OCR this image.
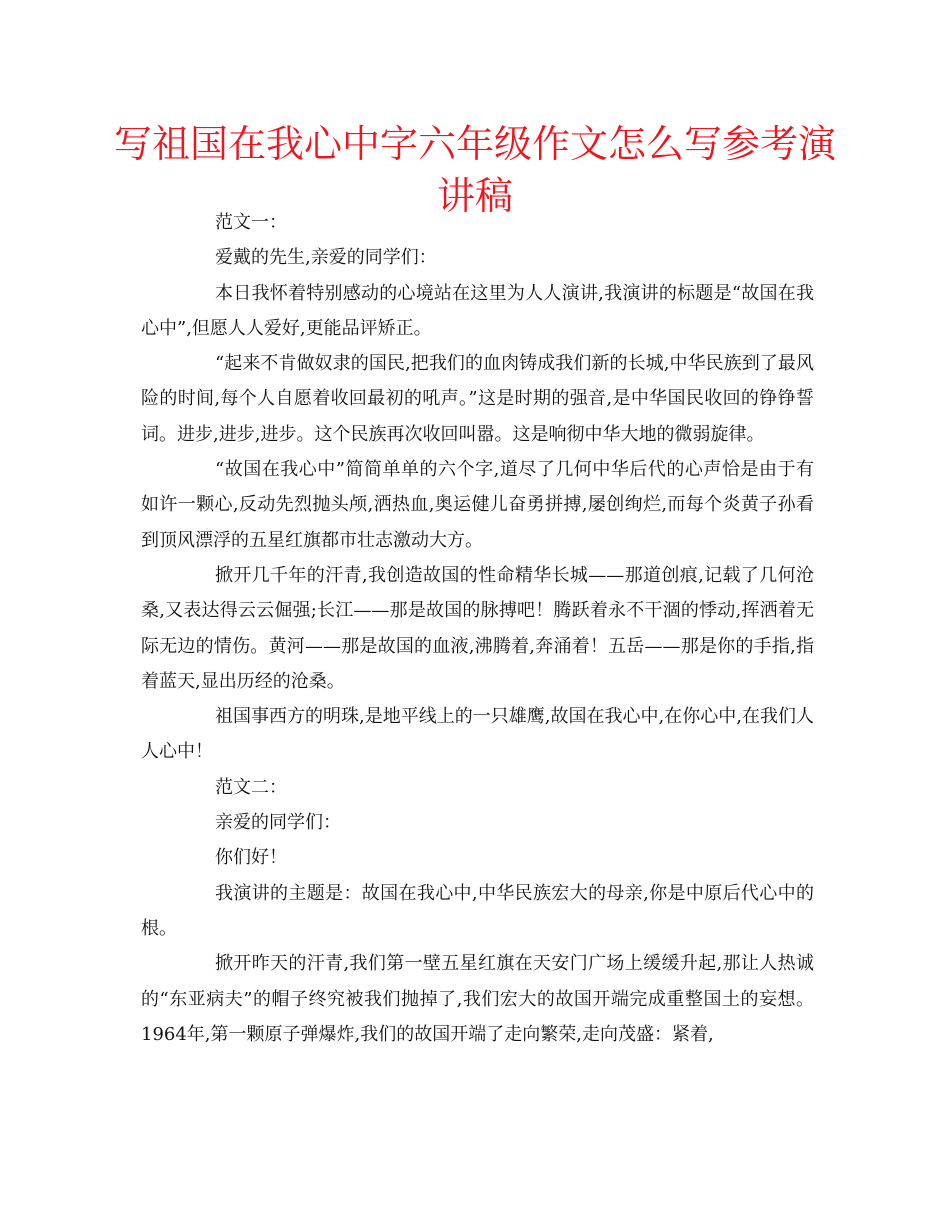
写祖国在我心中字六年级作文怎么写参考演讲稿

范文一：

爱戴的先生,亲爱的同学们：

本日我怀着特别感动的心境站在这里为人人演讲,我演讲的标题是“故国在我心中”,但愿人人爱好,更能品评矫正。

“起来不肯做奴隶的国民,把我们的血肉铸成我们新的长城,中华民族到了最风险的时间,每个人自愿着收回最初的吼声。”这是时期的强音,是中华国民收回的铮铮誓词。进步,进步,进步。这个民族再次收回叫嚣。这是响彻中华大地的微弱旋律。

“故国在我心中”简简单单的六个字,道尽了几何中华后代的心声恰是由于有如许一颗心,反动先烈抛头颅,洒热血,奥运健儿奋勇拼搏,屡创绚烂,而每个炎黄子孙看到顶风漂浮的五星红旗都市壮志激动大方。

掀开几千年的汗青,我创造故国的性命精华长城——那道创痕,记载了几何沧桑,又表达得云云倔强;长江——那是故国的脉搏吧！腾跃着永不干涸的悸动,挥洒着无际无边的情伤。黄河——那是故国的血液,沸腾着,奔涌着！五岳——那是你的手指,指着蓝天,显出历经的沧桑。

祖国事西方的明珠,是地平线上的一只雄鹰,故国在我心中,在你心中,在我们人人心中！

范文二：

亲爱的同学们：

你们好！

我演讲的主题是：故国在我心中,中华民族宏大的母亲,你是中原后代心中的根。

掀开昨天的汗青,我们第一壁五星红旗在天安门广场上缓缓升起,那让人热诚的“东亚病夫”的帽子终究被我们抛掉了,我们宏大的故国开端完成重整国土的妄想。1964年,第一颗原子弹爆炸,我们的故国开端了走向繁荣,走向茂盛：紧着,
